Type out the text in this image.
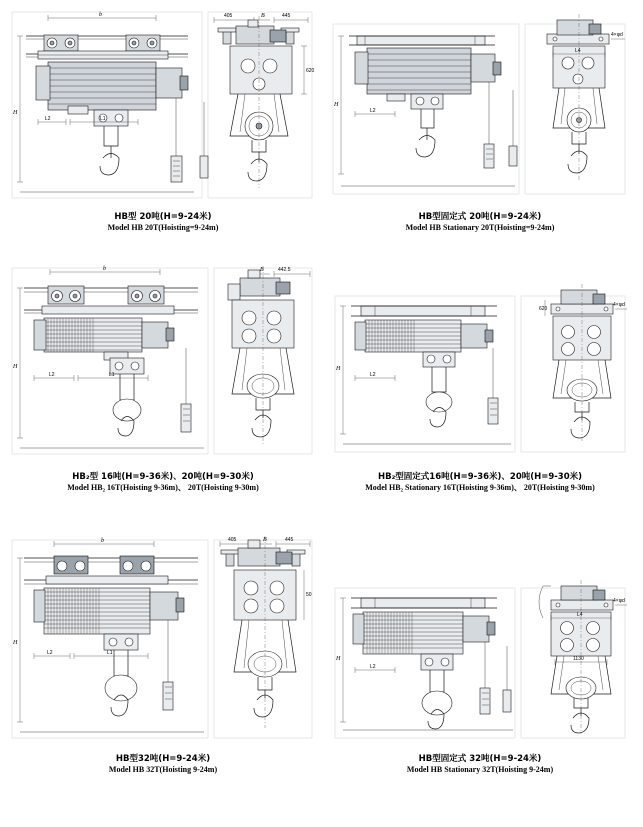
b
H
L2	L1
405	B	445
620
HB型 20吨(H=9-24米)
Model HB 20T(Hoisting=9-24m)
H
L2
4×φd
L4
HB型固定式 20吨(H=9-24米)
Model HB Stationary 20T(Hoisting=9-24m)
b
H
L2	L1
B	442.5
HB₂型 16吨(H=9-36米)、20吨(H=9-30米)
Model HB₂ 16T(Hoisting 9-36m)、 20T(Hoisting 9-30m)
H
L2
4×φd
620
HB₂型固定式16吨(H=9-36米)、20吨(H=9-30米)
Model HB₂ Stationary 16T(Hoisting 9-36m)、 20T(Hoisting 9-30m)
b
H
L2	L1
405	B	445
50
HB型32吨(H=9-24米)
Model HB 32T(Hoisting 9-24m)
H
L2
4×φd
L4
1130
HB型固定式 32吨(H=9-24米)
Model HB Stationary 32T(Hoisting 9-24m)
